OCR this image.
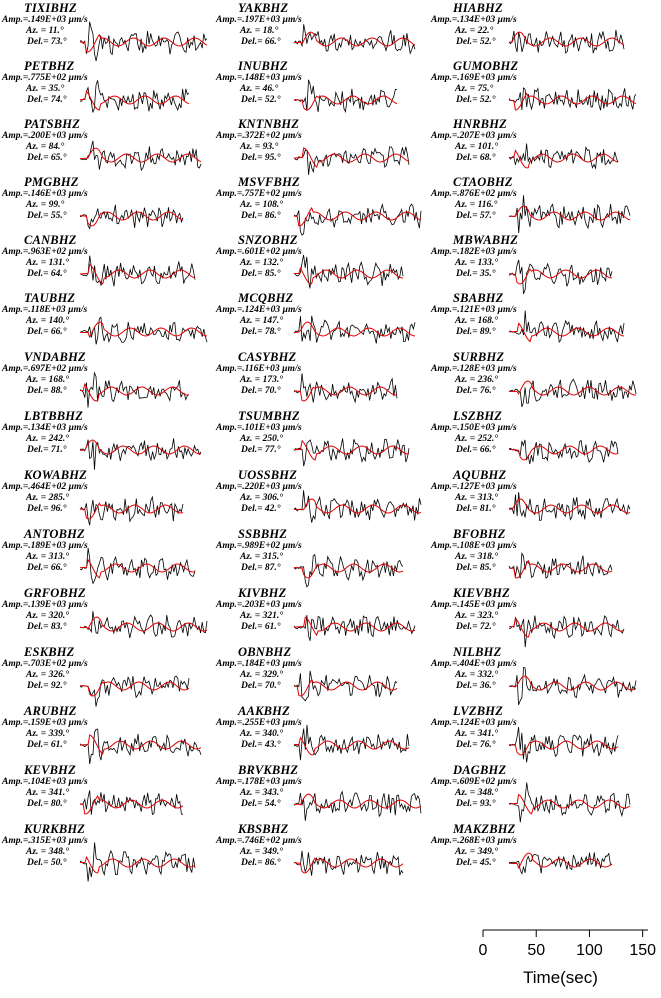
TIXIBHZ
Amp.=.149E+03 µm/s
Az. = 11.°
Del.= 73.°
YAKBHZ
Amp.=.197E+03 µm/s
Az. = 18.°
Del.= 66.°
HIABHZ
Amp.=.134E+03 µm/s
Az. = 22.°
Del.= 52.°
PETBHZ
Amp.=.775E+02 µm/s
Az. = 35.°
Del.= 74.°
INUBHZ
Amp.=.148E+03 µm/s
Az. = 46.°
Del.= 52.°
GUMOBHZ
Amp.=.169E+03 µm/s
Az. = 75.°
Del.= 52.°
PATSBHZ
Amp.=.200E+03 µm/s
Az. = 84.°
Del.= 65.°
KNTNBHZ
Amp.=.372E+02 µm/s
Az. = 93.°
Del.= 95.°
HNRBHZ
Amp.=.207E+03 µm/s
Az. = 101.°
Del.= 68.°
PMGBHZ
Amp.=.146E+03 µm/s
Az. = 99.°
Del.= 55.°
MSVFBHZ
Amp.=.757E+02 µm/s
Az. = 108.°
Del.= 86.°
CTAOBHZ
Amp.=.876E+02 µm/s
Az. = 116.°
Del.= 57.°
CANBHZ
Amp.=.963E+02 µm/s
Az. = 131.°
Del.= 64.°
SNZOBHZ
Amp.=.601E+02 µm/s
Az. = 132.°
Del.= 85.°
MBWABHZ
Amp.=.182E+03 µm/s
Az. = 133.°
Del.= 35.°
TAUBHZ
Amp.=.118E+03 µm/s
Az. = 140.°
Del.= 66.°
MCQBHZ
Amp.=.124E+03 µm/s
Az. = 147.°
Del.= 78.°
SBABHZ
Amp.=.121E+03 µm/s
Az. = 168.°
Del.= 89.°
VNDABHZ
Amp.=.697E+02 µm/s
Az. = 168.°
Del.= 88.°
CASYBHZ
Amp.=.116E+03 µm/s
Az. = 173.°
Del.= 70.°
SURBHZ
Amp.=.128E+03 µm/s
Az. = 236.°
Del.= 76.°
LBTBBHZ
Amp.=.134E+03 µm/s
Az. = 242.°
Del.= 71.°
TSUMBHZ
Amp.=.101E+03 µm/s
Az. = 250.°
Del.= 77.°
LSZBHZ
Amp.=.150E+03 µm/s
Az. = 252.°
Del.= 66.°
KOWABHZ
Amp.=.464E+02 µm/s
Az. = 285.°
Del.= 96.°
UOSSBHZ
Amp.=.220E+03 µm/s
Az. = 306.°
Del.= 42.°
AQUBHZ
Amp.=.127E+03 µm/s
Az. = 313.°
Del.= 81.°
ANTOBHZ
Amp.=.189E+03 µm/s
Az. = 313.°
Del.= 66.°
SSBBHZ
Amp.=.989E+02 µm/s
Az. = 315.°
Del.= 87.°
BFOBHZ
Amp.=.108E+03 µm/s
Az. = 318.°
Del.= 85.°
GRFOBHZ
Amp.=.139E+03 µm/s
Az. = 320.°
Del.= 83.°
KIVBHZ
Amp.=.203E+03 µm/s
Az. = 321.°
Del.= 61.°
KIEVBHZ
Amp.=.145E+03 µm/s
Az. = 323.°
Del.= 72.°
ESKBHZ
Amp.=.703E+02 µm/s
Az. = 326.°
Del.= 92.°
OBNBHZ
Amp.=.184E+03 µm/s
Az. = 329.°
Del.= 70.°
NILBHZ
Amp.=.404E+03 µm/s
Az. = 332.°
Del.= 36.°
ARUBHZ
Amp.=.159E+03 µm/s
Az. = 339.°
Del.= 61.°
AAKBHZ
Amp.=.255E+03 µm/s
Az. = 340.°
Del.= 43.°
LVZBHZ
Amp.=.124E+03 µm/s
Az. = 341.°
Del.= 76.°
KEVBHZ
Amp.=.104E+03 µm/s
Az. = 341.°
Del.= 80.°
BRVKBHZ
Amp.=.178E+03 µm/s
Az. = 343.°
Del.= 54.°
DAGBHZ
Amp.=.609E+02 µm/s
Az. = 348.°
Del.= 93.°
KURKBHZ
Amp.=.315E+03 µm/s
Az. = 348.°
Del.= 50.°
KBSBHZ
Amp.=.746E+02 µm/s
Az. = 349.°
Del.= 86.°
MAKZBHZ
Amp.=.268E+03 µm/s
Az. = 349.°
Del.= 45.°
0 50 100 150
Time(sec)
